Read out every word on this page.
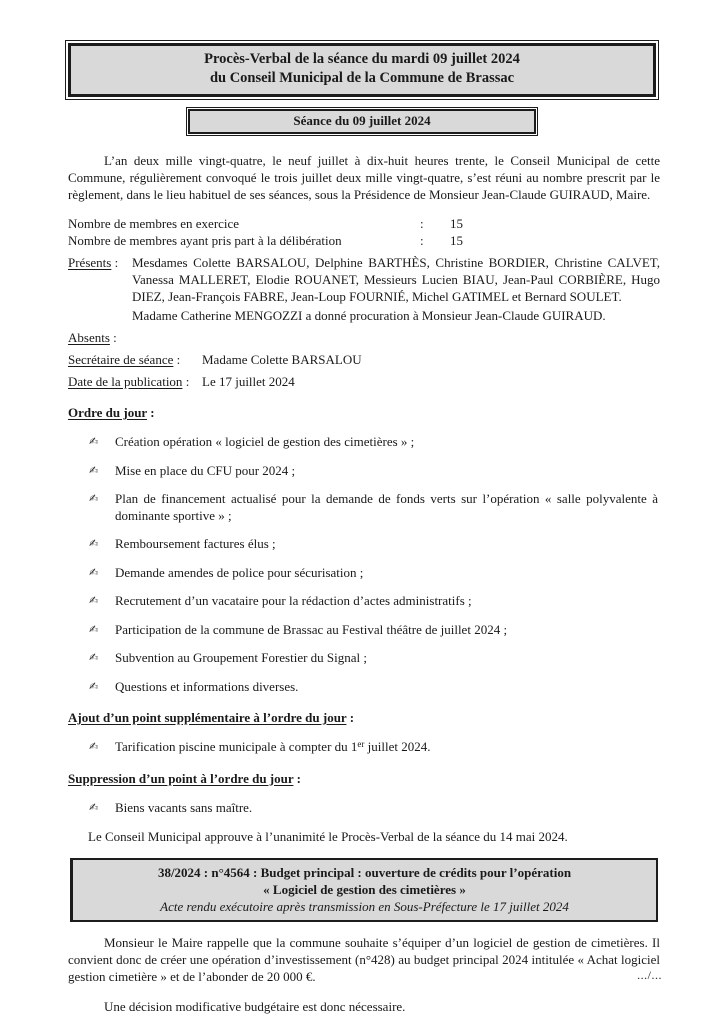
Procès-Verbal de la séance du mardi 09 juillet 2024
du Conseil Municipal de la Commune de Brassac
Séance du 09 juillet 2024

L’an deux mille vingt-quatre, le neuf juillet à dix-huit heures trente, le Conseil Municipal de cette Commune, régulièrement convoqué le trois juillet deux mille vingt-quatre, s’est réuni au nombre prescrit par le règlement, dans le lieu habituel de ses séances, sous la Présidence de Monsieur Jean-Claude GUIRAUD, Maire.

Nombre de membres en exercice	:	15
Nombre de membres ayant pris part à la délibération	:	15
Présents :	Mesdames Colette BARSALOU, Delphine BARTHÈS, Christine BORDIER, Christine CALVET, Vanessa MALLERET, Elodie ROUANET, Messieurs Lucien BIAU, Jean-Paul CORBIÈRE, Hugo DIEZ, Jean-François FABRE, Jean-Loup FOURNIÉ, Michel GATIMEL et Bernard SOULET.
Madame Catherine MENGOZZI a donné procuration à Monsieur Jean-Claude GUIRAUD.
Absents :
Secrétaire de séance :	Madame Colette BARSALOU
Date de la publication : Le 17 juillet 2024
Ordre du jour :
✍	Création opération « logiciel de gestion des cimetières » ;
✍	Mise en place du CFU pour 2024 ;
✍	Plan de financement actualisé pour la demande de fonds verts sur l’opération « salle polyvalente à dominante sportive » ;
✍	Remboursement factures élus ;
✍	Demande amendes de police pour sécurisation ;
✍	Recrutement d’un vacataire pour la rédaction d’actes administratifs ;
✍	Participation de la commune de Brassac au Festival théâtre de juillet 2024 ;
✍	Subvention au Groupement Forestier du Signal ;
✍	Questions et informations diverses.
Ajout d’un point supplémentaire à l’ordre du jour :
✍	Tarification piscine municipale à compter du 1er juillet 2024.
Suppression d’un point à l’ordre du jour :
✍	Biens vacants sans maître.

Le Conseil Municipal approuve à l’unanimité le Procès-Verbal de la séance du 14 mai 2024.

38/2024 : n°4564 : Budget principal : ouverture de crédits pour l’opération
« Logiciel de gestion des cimetières »
Acte rendu exécutoire après transmission en Sous-Préfecture le 17 juillet 2024

Monsieur le Maire rappelle que la commune souhaite s’équiper d’un logiciel de gestion de cimetières. Il convient donc de créer une opération d’investissement (n°428) au budget principal 2024 intitulée « Achat logiciel gestion cimetière » et de l’abonder de 20 000 €.

Une décision modificative budgétaire est donc nécessaire.

.../...
